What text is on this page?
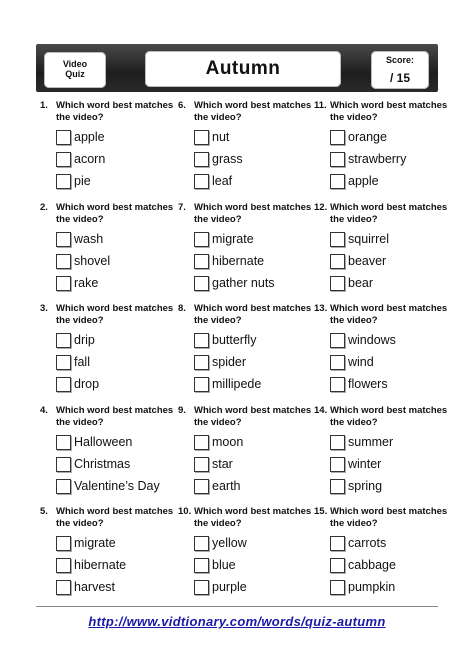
Video
Quiz	Autumn	Score:
/ 15
1. Which word best matches the video?
apple
acorn
pie
2. Which word best matches the video?
wash
shovel
rake
3. Which word best matches the video?
drip
fall
drop
4. Which word best matches the video?
Halloween
Christmas
Valentine’s Day
5. Which word best matches the video?
migrate
hibernate
harvest
6. Which word best matches the video?
nut
grass
leaf
7. Which word best matches the video?
migrate
hibernate
gather nuts
8. Which word best matches the video?
butterfly
spider
millipede
9. Which word best matches the video?
moon
star
earth
10. Which word best matches the video?
yellow
blue
purple
11. Which word best matches the video?
orange
strawberry
apple
12. Which word best matches the video?
squirrel
beaver
bear
13. Which word best matches the video?
windows
wind
flowers
14. Which word best matches the video?
summer
winter
spring
15. Which word best matches the video?
carrots
cabbage
pumpkin
http://www.vidtionary.com/words/quiz-autumn
